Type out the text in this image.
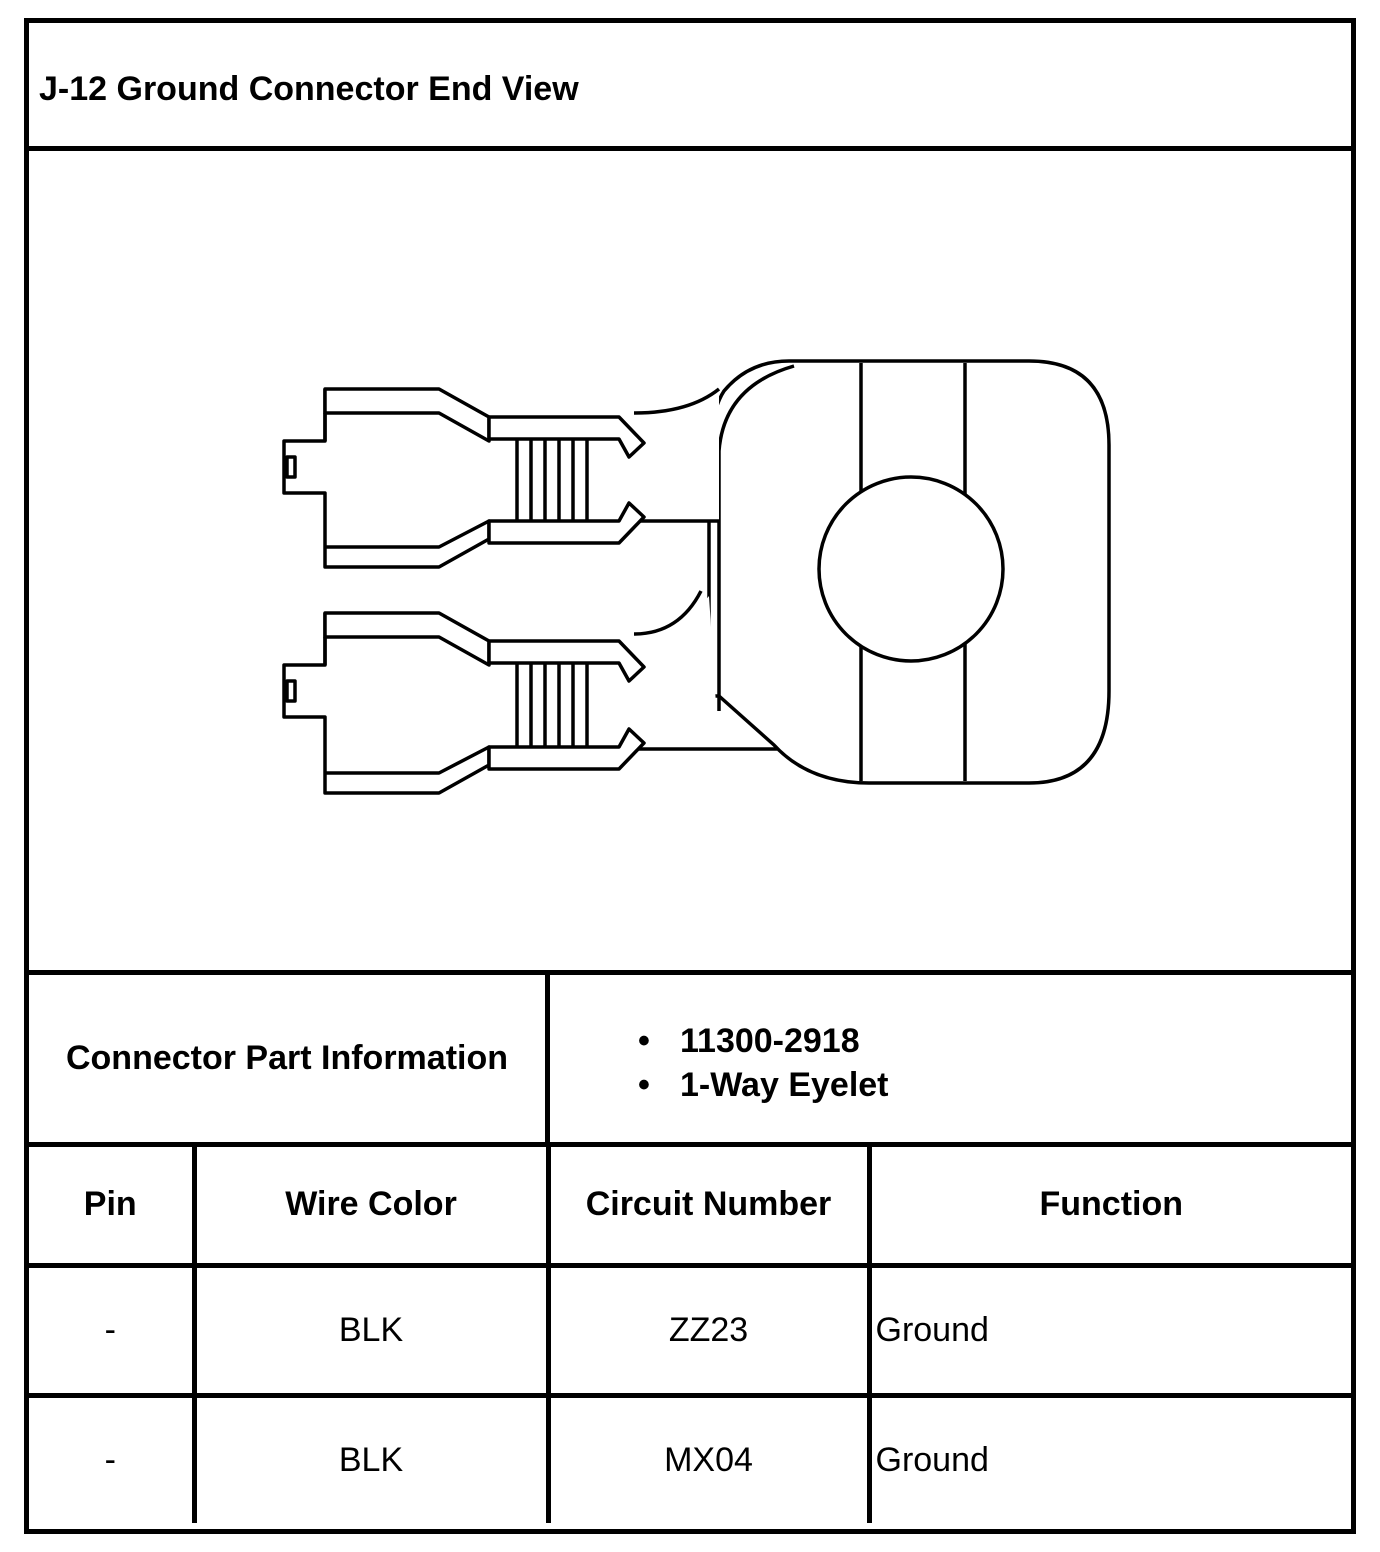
J-12 Ground Connector End View
Connector Part Information	• 11300-2918
• 1-Way Eyelet
Pin	Wire Color	Circuit Number	Function
-	BLK	ZZ23	Ground
-	BLK	MX04	Ground
